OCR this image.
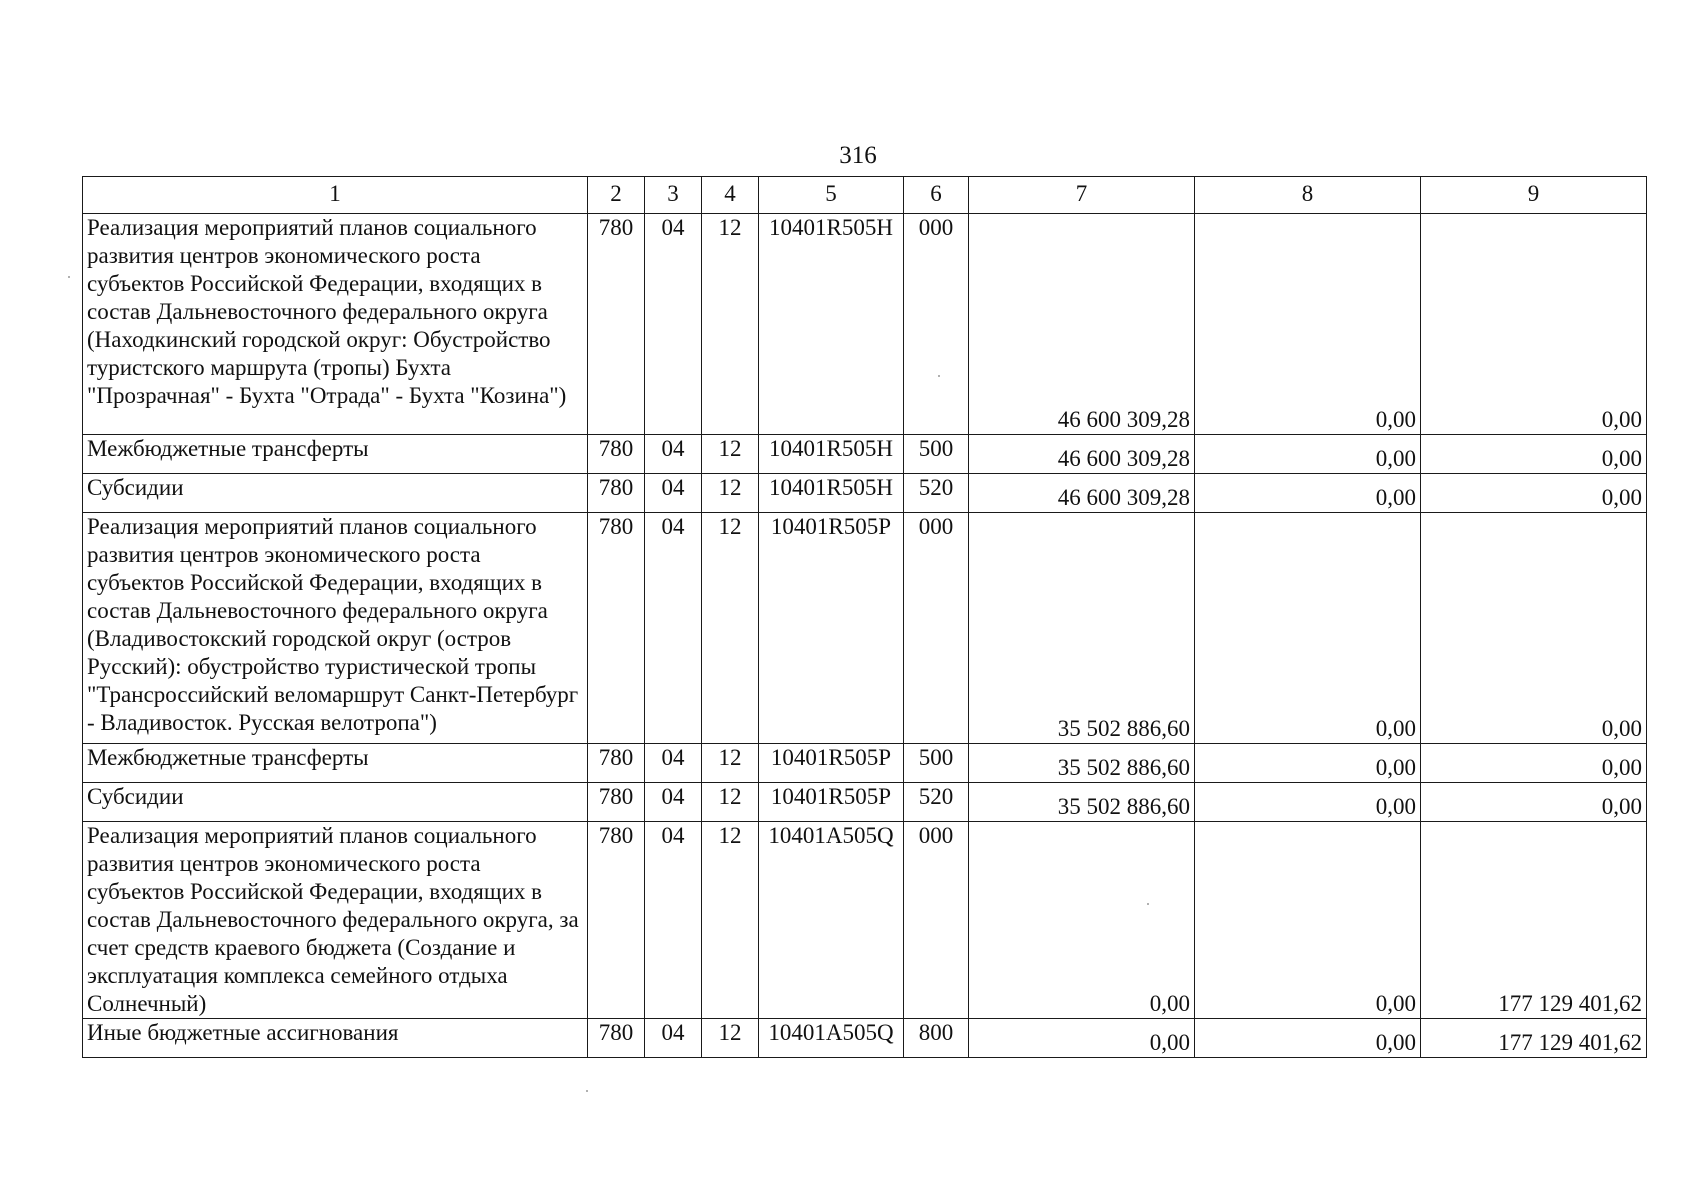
316
1	2	3	4	5	6	7	8	9
Реализация мероприятий планов социального развития центров экономического роста субъектов Российской Федерации, входящих в состав Дальневосточного федерального округа (Находкинский городской округ: Обустройство туристского маршрута (тропы) Бухта "Прозрачная" - Бухта "Отрада" - Бухта "Козина")	780	04	12	10401R505H	000	46 600 309,28	0,00	0,00
Межбюджетные трансферты	780	04	12	10401R505H	500	46 600 309,28	0,00	0,00
Субсидии	780	04	12	10401R505H	520	46 600 309,28	0,00	0,00
Реализация мероприятий планов социального развития центров экономического роста субъектов Российской Федерации, входящих в состав Дальневосточного федерального округа (Владивостокский городской округ (остров Русский): обустройство туристической тропы "Трансроссийский веломаршрут Санкт-Петербург - Владивосток. Русская велотропа")	780	04	12	10401R505P	000	35 502 886,60	0,00	0,00
Межбюджетные трансферты	780	04	12	10401R505P	500	35 502 886,60	0,00	0,00
Субсидии	780	04	12	10401R505P	520	35 502 886,60	0,00	0,00
Реализация мероприятий планов социального развития центров экономического роста субъектов Российской Федерации, входящих в состав Дальневосточного федерального округа, за счет средств краевого бюджета (Создание и эксплуатация комплекса семейного отдыха Солнечный)	780	04	12	10401A505Q	000	0,00	0,00	177 129 401,62
Иные бюджетные ассигнования	780	04	12	10401A505Q	800	0,00	0,00	177 129 401,62
